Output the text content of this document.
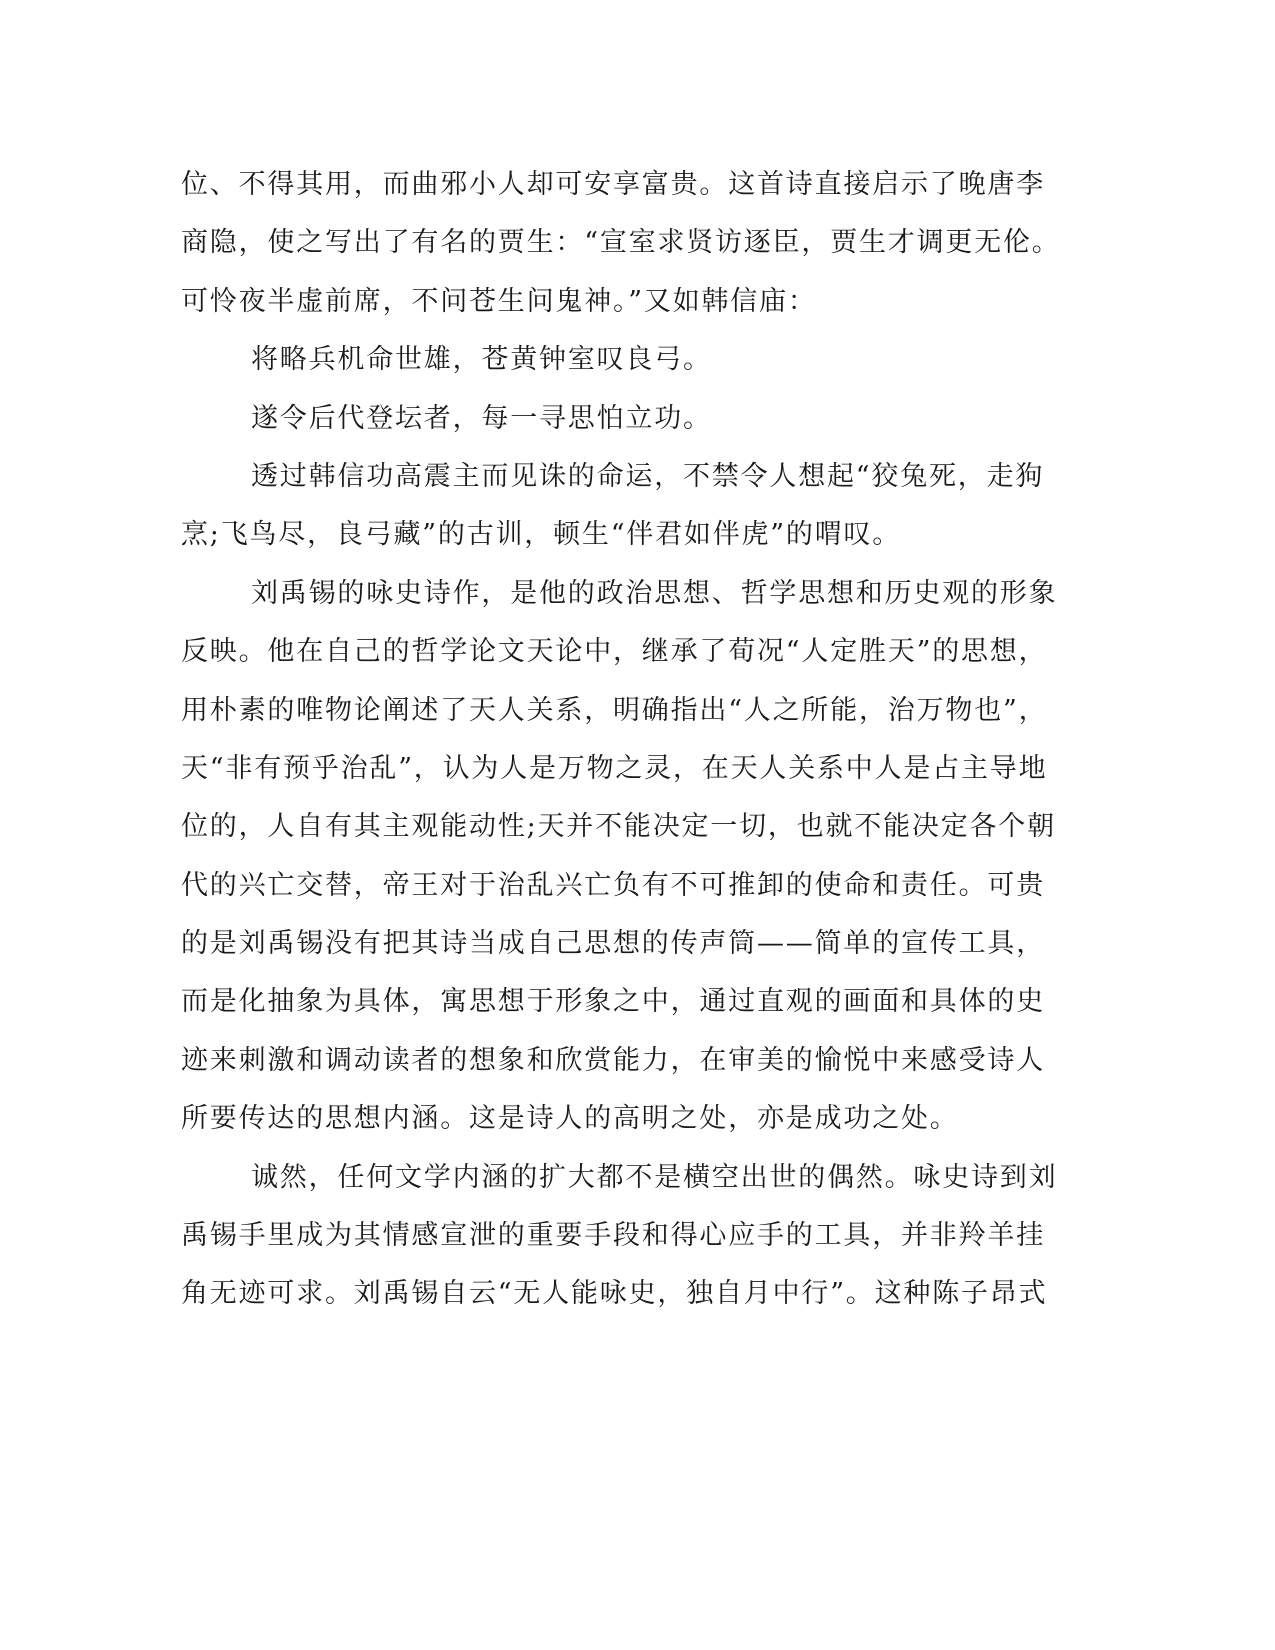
位、不得其用，而曲邪小人却可安享富贵。这首诗直接启示了晚唐李
商隐，使之写出了有名的贾生：“宣室求贤访逐臣，贾生才调更无伦。
可怜夜半虚前席，不问苍生问鬼神。”又如韩信庙：
将略兵机命世雄，苍黄钟室叹良弓。
遂令后代登坛者，每一寻思怕立功。
透过韩信功高震主而见诛的命运，不禁令人想起“狡兔死，走狗
烹;飞鸟尽，良弓藏”的古训，顿生“伴君如伴虎”的喟叹。
刘禹锡的咏史诗作，是他的政治思想、哲学思想和历史观的形象
反映。他在自己的哲学论文天论中，继承了荀况“人定胜天”的思想，
用朴素的唯物论阐述了天人关系，明确指出“人之所能，治万物也”，
天“非有预乎治乱”，认为人是万物之灵，在天人关系中人是占主导地
位的，人自有其主观能动性;天并不能决定一切，也就不能决定各个朝
代的兴亡交替，帝王对于治乱兴亡负有不可推卸的使命和责任。可贵
的是刘禹锡没有把其诗当成自己思想的传声筒——简单的宣传工具，
而是化抽象为具体，寓思想于形象之中，通过直观的画面和具体的史
迹来刺激和调动读者的想象和欣赏能力，在审美的愉悦中来感受诗人
所要传达的思想内涵。这是诗人的高明之处，亦是成功之处。
诚然，任何文学内涵的扩大都不是横空出世的偶然。咏史诗到刘
禹锡手里成为其情感宣泄的重要手段和得心应手的工具，并非羚羊挂
角无迹可求。刘禹锡自云“无人能咏史，独自月中行”。这种陈子昂式
